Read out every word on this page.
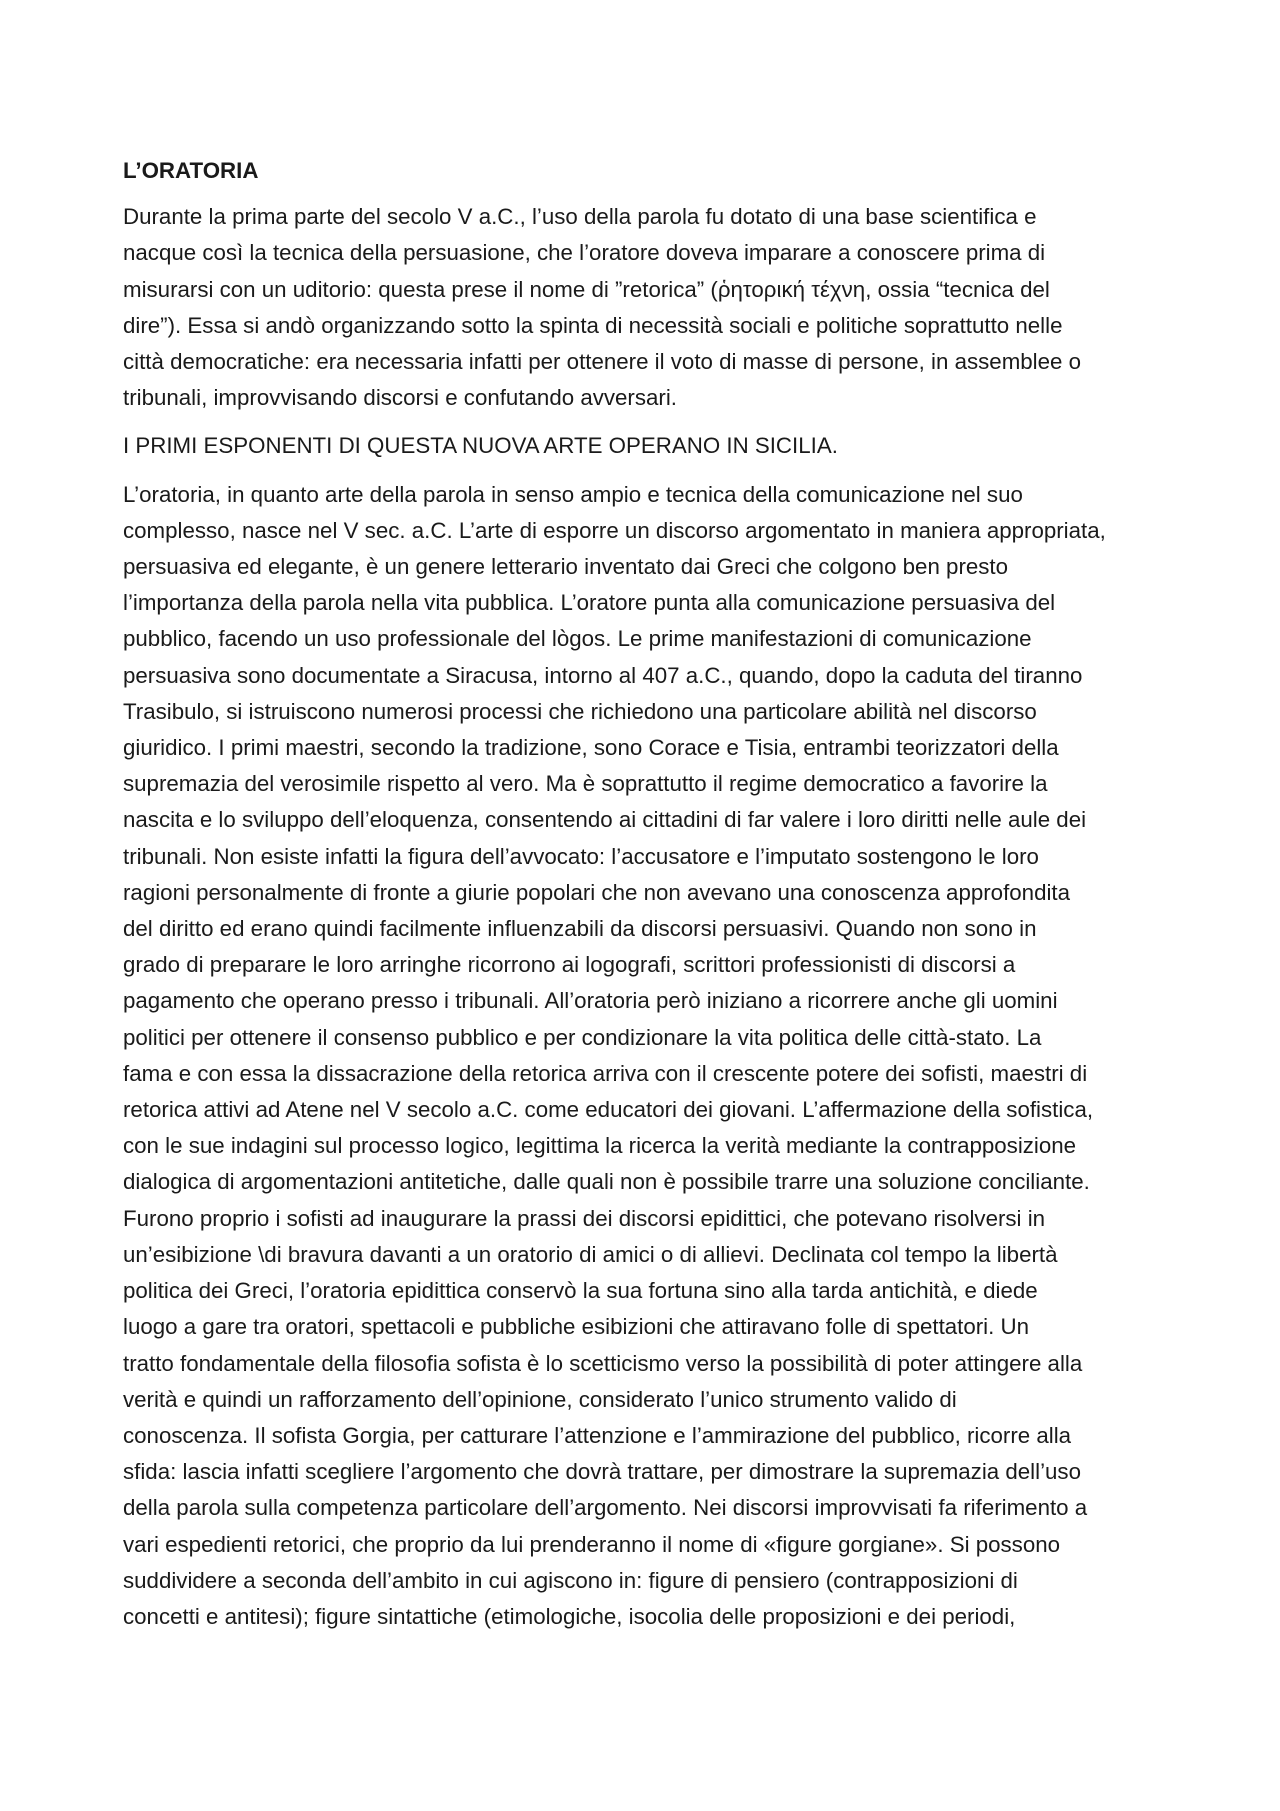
L’ORATORIA
Durante la prima parte del secolo V a.C., l’uso della parola fu dotato di una base scientifica e
nacque così la tecnica della persuasione, che l’oratore doveva imparare a conoscere prima di
misurarsi con un uditorio: questa prese il nome di ”retorica” (ῥητορική τέχνη, ossia “tecnica del
dire”). Essa si andò organizzando sotto la spinta di necessità sociali e politiche soprattutto nelle
città democratiche: era necessaria infatti per ottenere il voto di masse di persone, in assemblee o
tribunali, improvvisando discorsi e confutando avversari.
I PRIMI ESPONENTI DI QUESTA NUOVA ARTE OPERANO IN SICILIA.
L’oratoria, in quanto arte della parola in senso ampio e tecnica della comunicazione nel suo
complesso, nasce nel V sec. a.C. L’arte di esporre un discorso argomentato in maniera appropriata,
persuasiva ed elegante, è un genere letterario inventato dai Greci che colgono ben presto
l’importanza della parola nella vita pubblica. L’oratore punta alla comunicazione persuasiva del
pubblico, facendo un uso professionale del lògos. Le prime manifestazioni di comunicazione
persuasiva sono documentate a Siracusa, intorno al 407 a.C., quando, dopo la caduta del tiranno
Trasibulo, si istruiscono numerosi processi che richiedono una particolare abilità nel discorso
giuridico. I primi maestri, secondo la tradizione, sono Corace e Tisia, entrambi teorizzatori della
supremazia del verosimile rispetto al vero. Ma è soprattutto il regime democratico a favorire la
nascita e lo sviluppo dell’eloquenza, consentendo ai cittadini di far valere i loro diritti nelle aule dei
tribunali. Non esiste infatti la figura dell’avvocato: l’accusatore e l’imputato sostengono le loro
ragioni personalmente di fronte a giurie popolari che non avevano una conoscenza approfondita
del diritto ed erano quindi facilmente influenzabili da discorsi persuasivi. Quando non sono in
grado di preparare le loro arringhe ricorrono ai logografi, scrittori professionisti di discorsi a
pagamento che operano presso i tribunali. All’oratoria però iniziano a ricorrere anche gli uomini
politici per ottenere il consenso pubblico e per condizionare la vita politica delle città-stato. La
fama e con essa la dissacrazione della retorica arriva con il crescente potere dei sofisti, maestri di
retorica attivi ad Atene nel V secolo a.C. come educatori dei giovani. L’affermazione della sofistica,
con le sue indagini sul processo logico, legittima la ricerca la verità mediante la contrapposizione
dialogica di argomentazioni antitetiche, dalle quali non è possibile trarre una soluzione conciliante.
Furono proprio i sofisti ad inaugurare la prassi dei discorsi epidittici, che potevano risolversi in
un’esibizione \di bravura davanti a un oratorio di amici o di allievi. Declinata col tempo la libertà
politica dei Greci, l’oratoria epidittica conservò la sua fortuna sino alla tarda antichità, e diede
luogo a gare tra oratori, spettacoli e pubbliche esibizioni che attiravano folle di spettatori. Un
tratto fondamentale della filosofia sofista è lo scetticismo verso la possibilità di poter attingere alla
verità e quindi un rafforzamento dell’opinione, considerato l’unico strumento valido di
conoscenza. Il sofista Gorgia, per catturare l’attenzione e l’ammirazione del pubblico, ricorre alla
sfida: lascia infatti scegliere l’argomento che dovrà trattare, per dimostrare la supremazia dell’uso
della parola sulla competenza particolare dell’argomento. Nei discorsi improvvisati fa riferimento a
vari espedienti retorici, che proprio da lui prenderanno il nome di «figure gorgiane». Si possono
suddividere a seconda dell’ambito in cui agiscono in: figure di pensiero (contrapposizioni di
concetti e antitesi); figure sintattiche (etimologiche, isocolia delle proposizioni e dei periodi,
